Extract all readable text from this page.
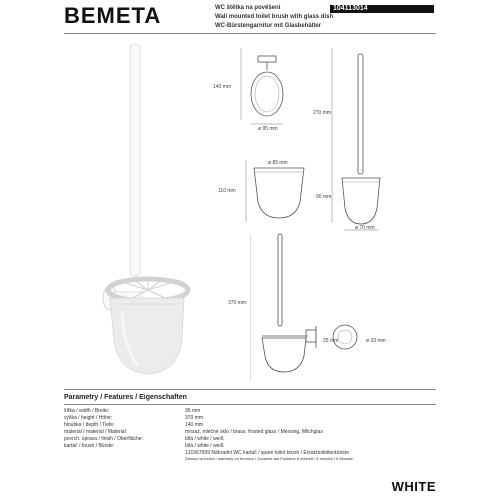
BEMETA	WC štětka na pověšení
Wall mounted toilet brush with glass dish
WC-Bürstengarnitur mit Glasbehälter
104113014
140 mm
ø 95 mm
ø 85 mm
110 mm
270 mm
90 mm
ø 70 mm
370 mm
25 mm	ø 33 mm
Parametry / Features / Eigenschaften
šířka / width / Breite:	95 mm
výška / height / Höhe:	370 mm
hloubka / depth / Tiefe:	140 mm
materiál / material / Material:	mosaz, mléčné sklo / brass, frosted glass / Messing, Milchglas
povrch. úprava / finish / Oberfläche:	bílá / white / weiß
kartáč / brush / Bürste:	bílá / white / weiß
131567009 Náhradní WC kartáč / spare toilet brush / Ersatztoilettenbürste
Záruka na funkci / warranty on function / Garantie auf Funktion 6 měsíců / 6 months / 6 Monate
WHITE
